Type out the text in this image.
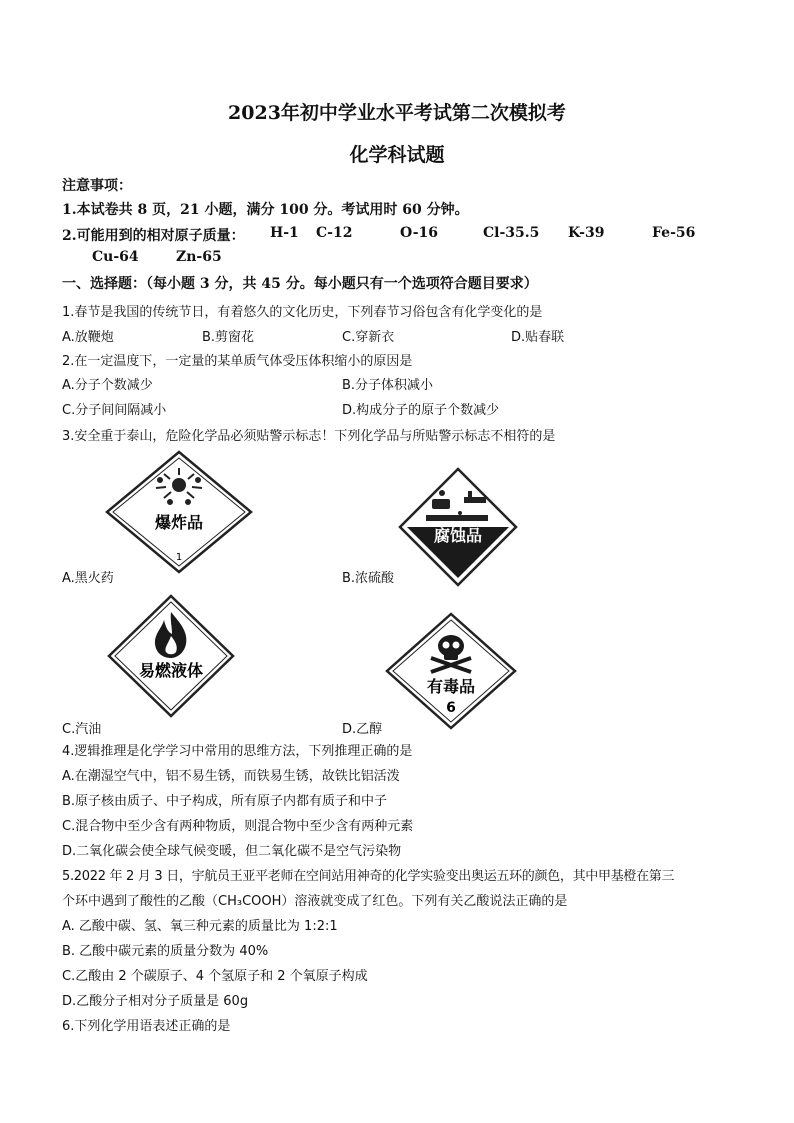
2023年初中学业水平考试第二次模拟考
化学科试题
注意事项：
1.本试卷共 8 页，21 小题，满分 100 分。考试用时 60 分钟。
2.可能用到的相对原子质量： H-1 C-12	O-16	Cl-35.5 K-39	Fe-56
Cu-64	Zn-65
一、选择题：（每小题 3 分，共 45 分。每小题只有一个选项符合题目要求）
1.春节是我国的传统节日，有着悠久的文化历史，下列春节习俗包含有化学变化的是
A.放鞭炮	B.剪窗花	C.穿新衣	D.贴春联
2.在一定温度下，一定量的某单质气体受压体积缩小的原因是
A.分子个数减少	B.分子体积减小
C.分子间间隔减小	D.构成分子的原子个数减少
3.安全重于泰山，危险化学品必须贴警示标志！下列化学品与所贴警示标志不相符的是
爆炸品
1
腐蚀品
A.黑火药	B.浓硫酸
易燃液体
有毒品
6
C.汽油	D.乙醇
4.逻辑推理是化学学习中常用的思维方法，下列推理正确的是
A.在潮湿空气中，铝不易生锈，而铁易生锈，故铁比铝活泼
B.原子核由质子、中子构成，所有原子内都有质子和中子
C.混合物中至少含有两种物质，则混合物中至少含有两种元素
D.二氧化碳会使全球气候变暖，但二氧化碳不是空气污染物
5.2022 年 2 月 3 日，宇航员王亚平老师在空间站用神奇的化学实验变出奥运五环的颜色，其中甲基橙在第三
个环中遇到了酸性的乙酸（CH₃COOH）溶液就变成了红色。下列有关乙酸说法正确的是
A. 乙酸中碳、氢、氧三种元素的质量比为 1:2:1
B. 乙酸中碳元素的质量分数为 40%
C.乙酸由 2 个碳原子、4 个氢原子和 2 个氧原子构成
D.乙酸分子相对分子质量是 60g
6.下列化学用语表述正确的是
